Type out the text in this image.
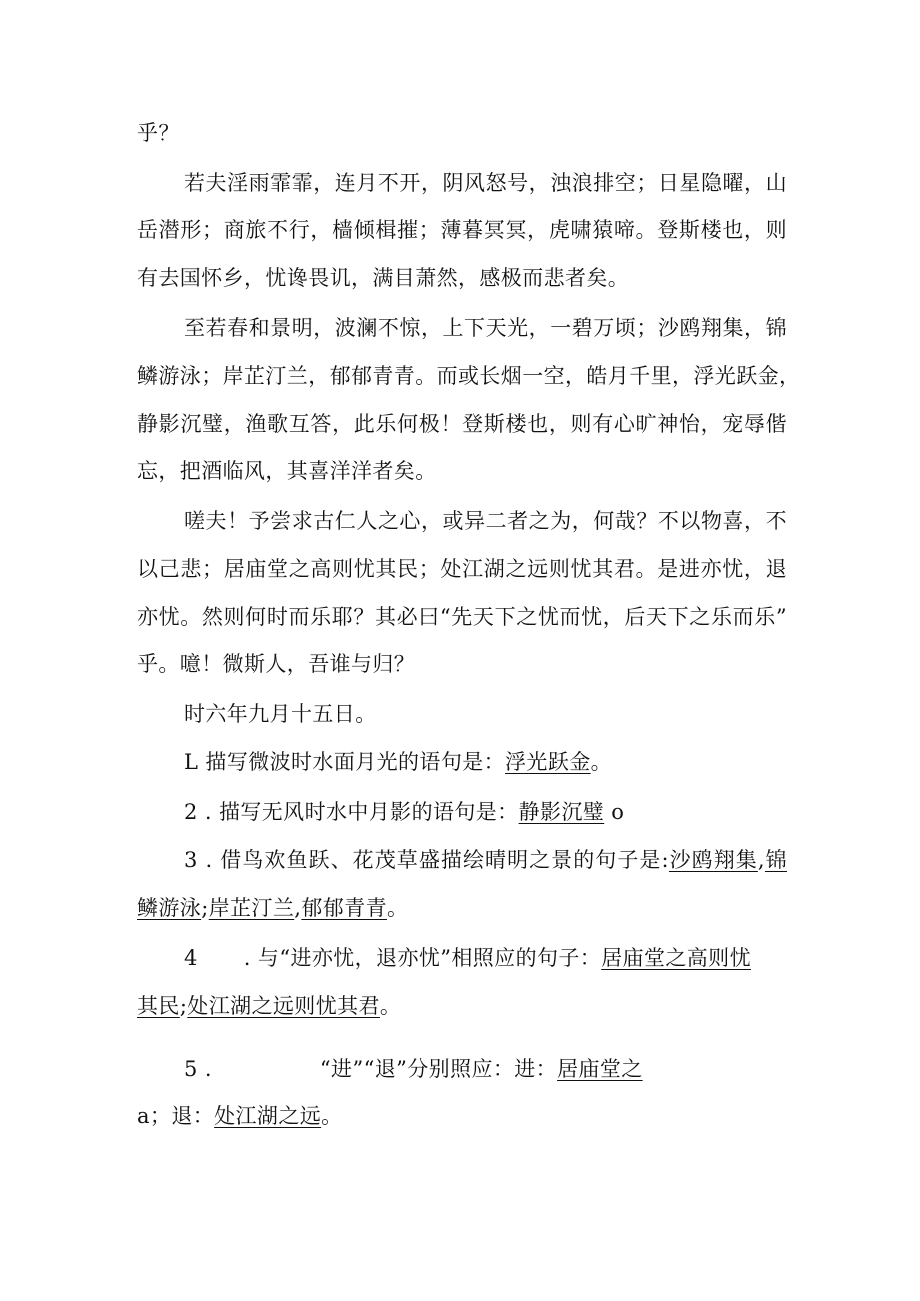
乎？
若夫淫雨霏霏，连月不开，阴风怒号，浊浪排空；日星隐曜，山
岳潜形；商旅不行，樯倾楫摧；薄暮冥冥，虎啸猿啼。登斯楼也，则
有去国怀乡，忧谗畏讥，满目萧然，感极而悲者矣。
至若春和景明，波澜不惊，上下天光，一碧万顷；沙鸥翔集，锦
鳞游泳；岸芷汀兰，郁郁青青。而或长烟一空，皓月千里，浮光跃金，
静影沉璧，渔歌互答，此乐何极！登斯楼也，则有心旷神怡，宠辱偕
忘，把酒临风，其喜洋洋者矣。
嗟夫！予尝求古仁人之心，或异二者之为，何哉？不以物喜，不
以己悲；居庙堂之高则忧其民；处江湖之远则忧其君。是进亦忧，退
亦忧。然则何时而乐耶？其必曰“先天下之忧而忧，后天下之乐而乐”
乎。噫！微斯人，吾谁与归？
时六年九月十五日。
L 描写微波时水面月光的语句是：浮光跃金。
2 . 描写无风时水中月影的语句是：静影沉璧 o
3 . 借鸟欢鱼跃、花茂草盛描绘晴明之景的句子是:沙鸥翔集,锦
鳞游泳;岸芷汀兰,郁郁青青。
4 . 与“进亦忧，退亦忧”相照应的句子：居庙堂之高则忧
其民;处江湖之远则忧其君。
5 .	“进”“退”分别照应：进：居庙堂之
a；退：处江湖之远。
